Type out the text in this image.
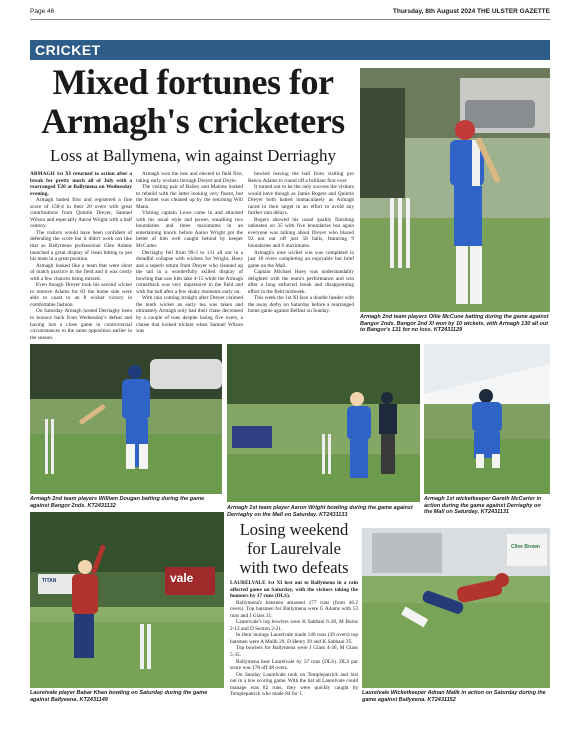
Page 46	Thursday, 8th August 2024 THE ULSTER GAZETTE
CRICKET
Mixed fortunes for
Armagh's cricketers
Loss at Ballymena, win against Derriaghy

ARMAGH 1st XI returned to action after a break for pretty much all of July with a rearranged T20 at Ballymena on Wednesday evening.

Armagh batted first and registered a fine score of 158-4 in their 20 overs with great contributions from Quintin Dreyer, Samuel Wilson and especially Aaron Wright with a half century.

The visitors would have been confident of defending the score but it didn't work out like that as Ballymena professional Glen Adams launched a great display of clean hitting to put his team in a great position.

Armagh looked like a team that were short of match practice in the field and it was costly with a few chances being missed.

Even though Dreyer took his second wicket to remove Adams for 83 the home side were able to coast to an 8 wicket victory in comfortable fashion.

On Saturday Armagh hosted Derriaghy keen to bounce back from Wednesday's defeat and having lost a close game in controversial circumstances to the same opposition earlier in the season.

Armagh won the toss and elected to field first, taking early wickets through Dreyer and Doyle.

The visiting pair of Bailey and Malone looked to rebuild with the latter looking very fluent, but the former was cleaned up by the returning Will Mann.

Visiting captain Lowe came in and attacked with his usual style and power, smashing two boundaries and three maximums in an entertaining knock before Aaron Wright got the better of him well caught behind by keeper McCarter.

Derriaghy fell from 99-3 to 131 all out in a dreadful collapse with wickets for Wright, Hoey and a superb return from Dreyer who cleaned up the tail in a wonderfully skilled display of bowling that saw him take 4-15 while the Armagh cornerback was very impressive in the field and with the ball after a few shaky moments early on.

With rain coming straight after Dreyer claimed the tenth wicket an early tea was taken and ultimately Armagh only had their chase decreased by a couple of runs despite losing five overs, a clause that looked trickier when Samuel Wilson was

bowled leaving the ball from visiting pro Renco Adams to round off a brilliant first over.

It turned out to be the only success the visitors would have though as Jamie Rogers and Quintin Dreyer both batted immaculately as Armagh raced to their target in an effort to avoid any further rain delays.

Rogers showed his usual quality finishing unbeaten on 35 with five boundaries but again everyone was talking about Dreyer who blazed 92 not out off just 58 balls, featuring 9 boundaries and 6 maximums.

Armagh's nine wicket win was completed in just 18 overs completing an enjoyable but brief game on the Mall.

Captain Michael Hoey was understandably delighted with the team's performance and win after a long enforced break and disappointing effort in the field midweek.

This week the 1st XI face a double header with the away derby on Saturday before a rearranged home game against Belfast on Sunday.

Armagh 2nd team players Ollie McCune batting during the game against Bangor 2nds. Bangor 2nd XI won by 10 wickets, with Armagh 130 all out to Bangor's 131 for no loss. KT2431129
Armagh 2nd team players William Dougan batting during the game against Bangor 2nds. KT2431132	Armagh 1st team player Aaron Wright bowling during the game against Derriaghy on the Mall on Saturday. KT2431133
Armagh 1st wicketkeeper Gareth McCarter in action during the game against Derriaghy on the Mall on Saturday. KT2431131
vale
TITAN
Laurelvale player Babar Khan bowling on Saturday during the game against Ballyeena. KT2431149
Losing weekend
for Laurelvale
with two defeats

LAURELVALE 1st XI lost out to Ballymena in a rain affected game on Saturday, with the visitors taking the honours by 37 runs (DLS).

Ballymena's batsmen amassed 177 runs (from 46.2 overs). Top batsmen for Ballymena were G Adams with 53 runs and J Glass 31.

Laurelvale's top bowlers were K Sabbani 6-28, M Burns 2-12 and D Sexton 2-21.

In their innings Laurelvale made 140 runs (39 overs) top batsmen were A Malik 29, D Henry 39 and K Sabbani 35.

Top bowlers for Ballymena were J Glass 4-36, M Glass 5-35.

Ballymena beat Laurelvale by 37 runs (DLS). DLS par score was 178 off 48 overs.

On Sunday Laurelvale took on Templepatrick and lost out in a low scoring game. With the bat all Laurelvale could manage was 82 runs, they were quickly caught by Templepatrick who made 84 for 1.

Clive Brown
Laurelvale Wicketkeeper Adnan Malik in action on Saturday during the game against Ballyeena. KT2431152
